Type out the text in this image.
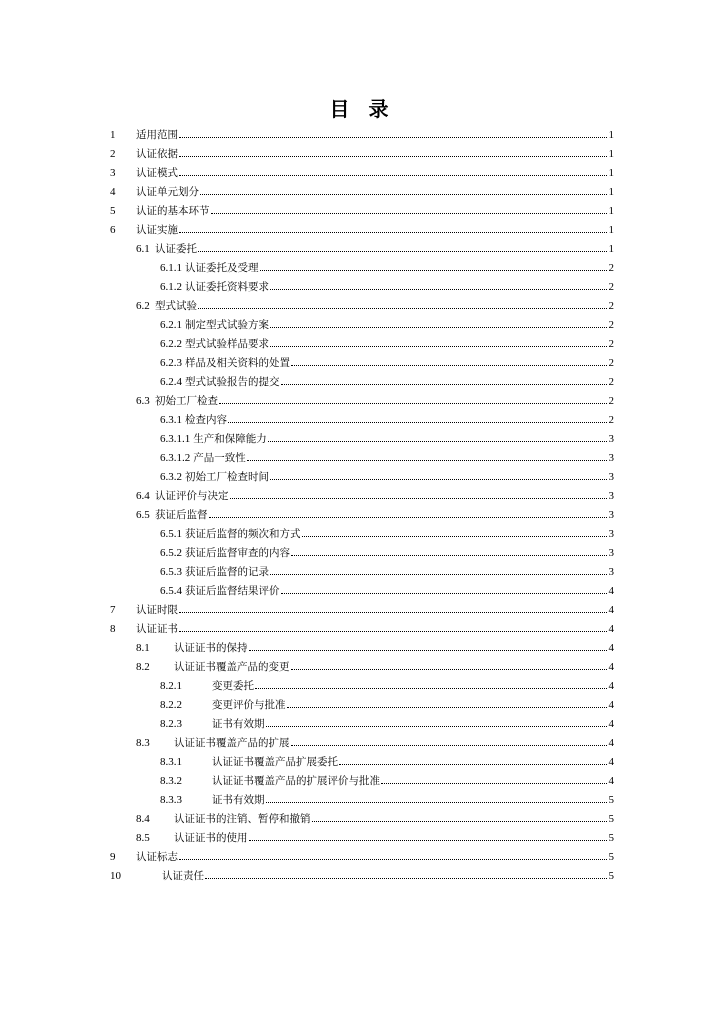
目 录
1	适用范围	1
2	认证依据	1
3	认证模式	1
4	认证单元划分	1
5	认证的基本环节	1
6	认证实施	1
6.1 认证委托	1
6.1.1 认证委托及受理	2
6.1.2 认证委托资料要求	2
6.2 型式试验	2
6.2.1 制定型式试验方案	2
6.2.2 型式试验样品要求	2
6.2.3 样品及相关资料的处置	2
6.2.4 型式试验报告的提交	2
6.3 初始工厂检查	2
6.3.1 检查内容	2
6.3.1.1 生产和保障能力	3
6.3.1.2 产品一致性	3
6.3.2 初始工厂检查时间	3
6.4 认证评价与决定	3
6.5 获证后监督	3
6.5.1 获证后监督的频次和方式	3
6.5.2 获证后监督审查的内容	3
6.5.3 获证后监督的记录	3
6.5.4 获证后监督结果评价	4
7	认证时限	4
8	认证证书	4
8.1	认证证书的保持	4
8.2	认证证书覆盖产品的变更	4
8.2.1	变更委托	4
8.2.2	变更评价与批准	4
8.2.3	证书有效期	4
8.3	认证证书覆盖产品的扩展	4
8.3.1	认证证书覆盖产品扩展委托	4
8.3.2	认证证书覆盖产品的扩展评价与批准	4
8.3.3	证书有效期	5
8.4	认证证书的注销、暂停和撤销	5
8.5	认证证书的使用	5
9	认证标志	5
10	认证责任	5
